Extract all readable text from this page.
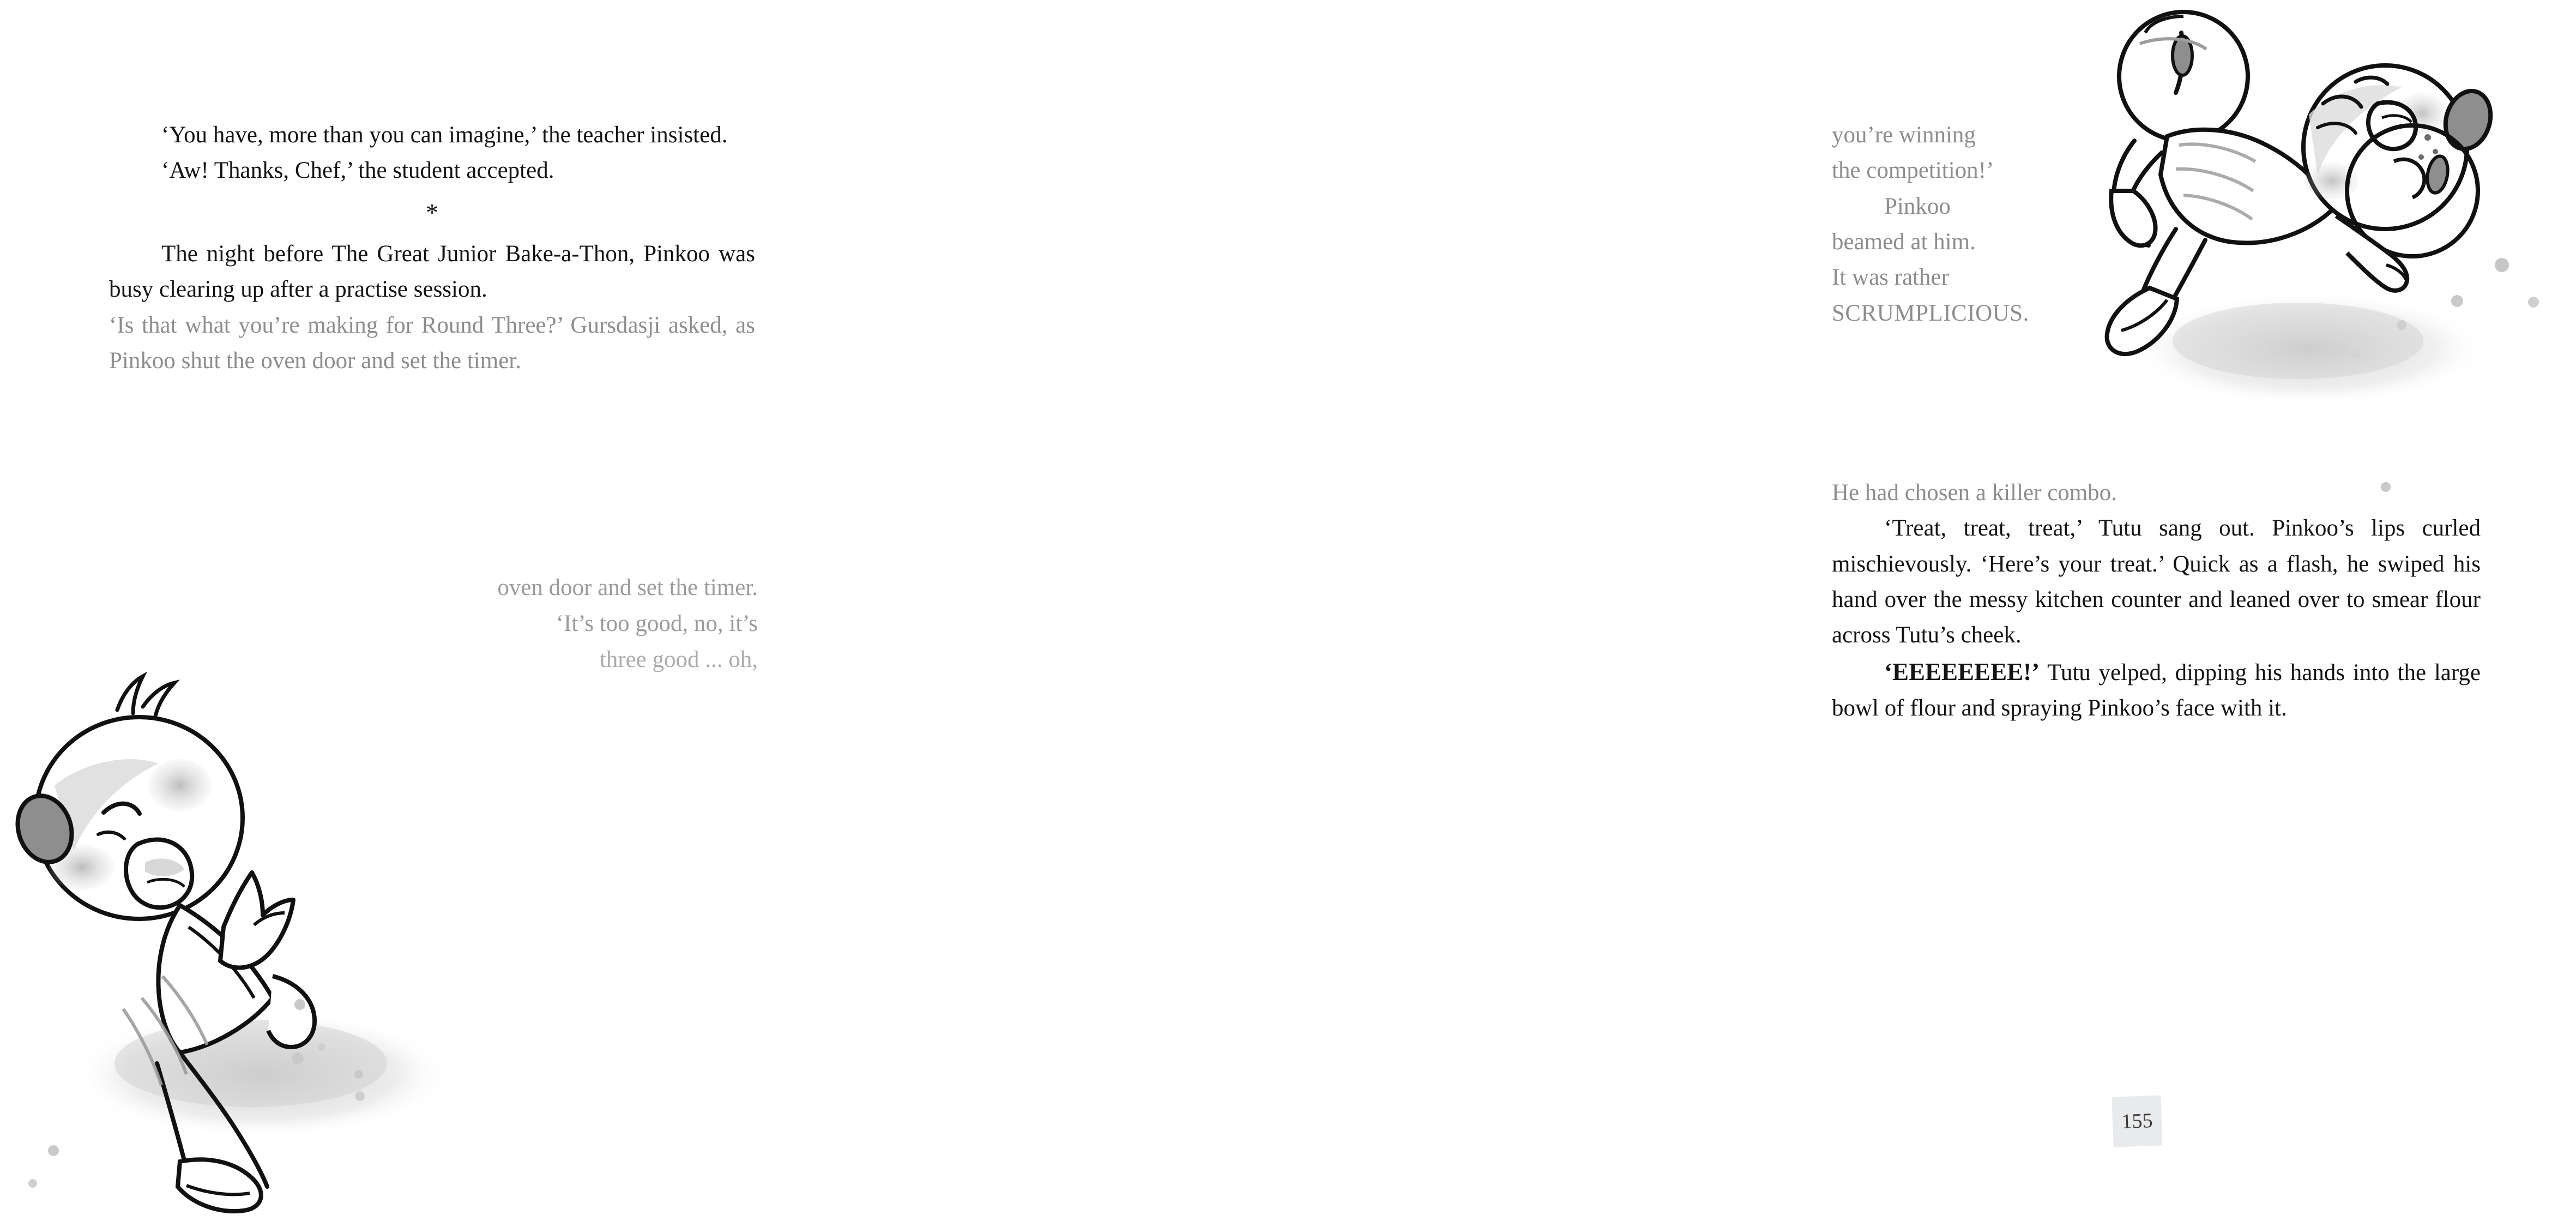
‘You have, more than you can imagine,’ the teacher insisted.

‘Aw! Thanks, Chef,’ the student accepted.

*

The night before The Great Junior Bake-a-Thon, Pinkoo was busy clearing up after a practise session.

‘Is that what you’re making for Round Three?’ Gursdasji asked, as Pinkoo shut the oven door and set the timer.

oven door and set the timer.
‘It’s too good, no, it’s
three good ... oh,

you’re winning

the competition!’

Pinkoo

beamed at him.

It was rather

SCRUMPLICIOUS.

He had chosen a killer combo.

‘Treat, treat, treat,’ Tutu sang out. Pinkoo’s lips curled mischievously. ‘Here’s your treat.’ Quick as a flash, he swiped his hand over the messy kitchen counter and leaned over to smear flour across Tutu’s cheek.

‘EEEEEEEE!’ Tutu yelped, dipping his hands into the large bowl of flour and spraying Pinkoo’s face with it.

155
